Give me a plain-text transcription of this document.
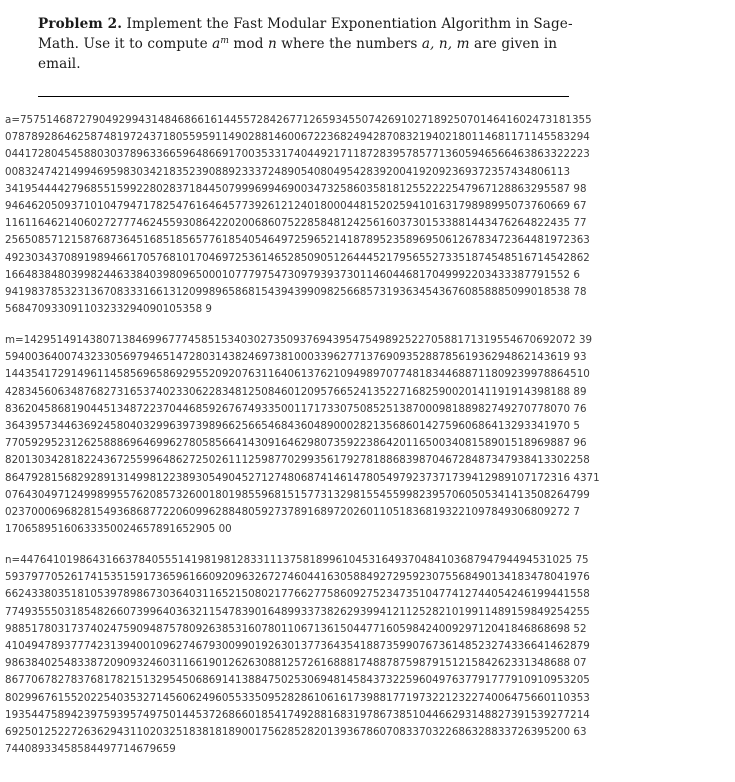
Problem 2. Implement the Fast Modular Exponentiation Algorithm in Sage-Math. Use it to compute $a^m$ mod n where the numbers a, n, m are given in email.
a=757514687279049299431484686616144557284267712659345507426910271892507014641602473181355
07878928646258748197243718055959114902881460067223682494287083219402180114681171145583294
04417280454588030378963366596486691700353317404492171187283957857713605946566463863322223
00832474214994695983034218352390889233372489054080495428392004192092369372357434806113
34195444427968551599228028371844507999699469003473258603581812552222547967128863295587 98
94646205093710104794717825476164645773926121240180004481520259410163179898995073760669 67
11611646214060272777462455930864220200686075228584812425616037301533881443476264822435 77
25650857121587687364516851856577618540546497259652141878952358969506126783472364481972363
49230343708919894661705768101704697253614652850905126444521795655273351874548516714542862
16648384803998244633840398096500010777975473097939373011460446817049992203433387791552 6
94198378532313670833316613120998965868154394399098256685731936345436760858885099018538 78
568470933091103233294090105358 9
m=142951491438071384699677745851534030273509376943954754989252270588171319554670692072 39
59400364007432330569794651472803143824697381000339627713769093528878561936294862143619 93
14435417291496114585696586929552092076311640613762109498970774818344688711809239978864510
42834560634876827316537402330622834812508460120957665241352271682590020141191914398188 89
83620458681904451348722370446859267674933500117173307508525138700098188982749270778070 76
36439573446369245804032996397398966256654684360489000282135686014275960686413293341970 5
77059295231262588869646996278058566414309164629807359223864201165003408158901518969887 96
82013034281822436725599648627250261112598770299356179278188683987046728487347938413302258
86479281568292891314998122389305490452712748068741461478054979237371739412989107172316 4371
07643049712499899557620857326001801985596815157731329815545599823957060505341413508264799
02370006968281549368687722060996288480592737891689720260110518368193221097849306809272 7
17065895160633350024657891652905 00
n=447641019864316637840555141981981283311137581899610453164937048410368794794494531025 75
59379770526174153515917365961660920963267274604416305884927295923075568490134183478041976
66243380351810539789867303640311652150802177662775860927523473510477412744054246199441558
77493555031854826607399640363211547839016489933738262939941211252821019911489159849254255
98851780317374024759094875780926385316078011067136150447716059842400929712041846868698 52
41049478937774231394001096274679300990192630137736435418873599076736148523274336641462879
98638402548338720909324603116619012626308812572616888174887875987915121584262331348688 07
86770678278376817821513295450686914138847502530694814584373225960497637791777910910953205
80299676155202254035327145606249605533509528286106161739881771973221232274006475660110353
19354475894239759395749750144537268660185417492881683197867385104466293148827391539277214
69250125227263629431102032518381818900175628528201393678607083370322686328833726395200 63
74408933458584497714679659
